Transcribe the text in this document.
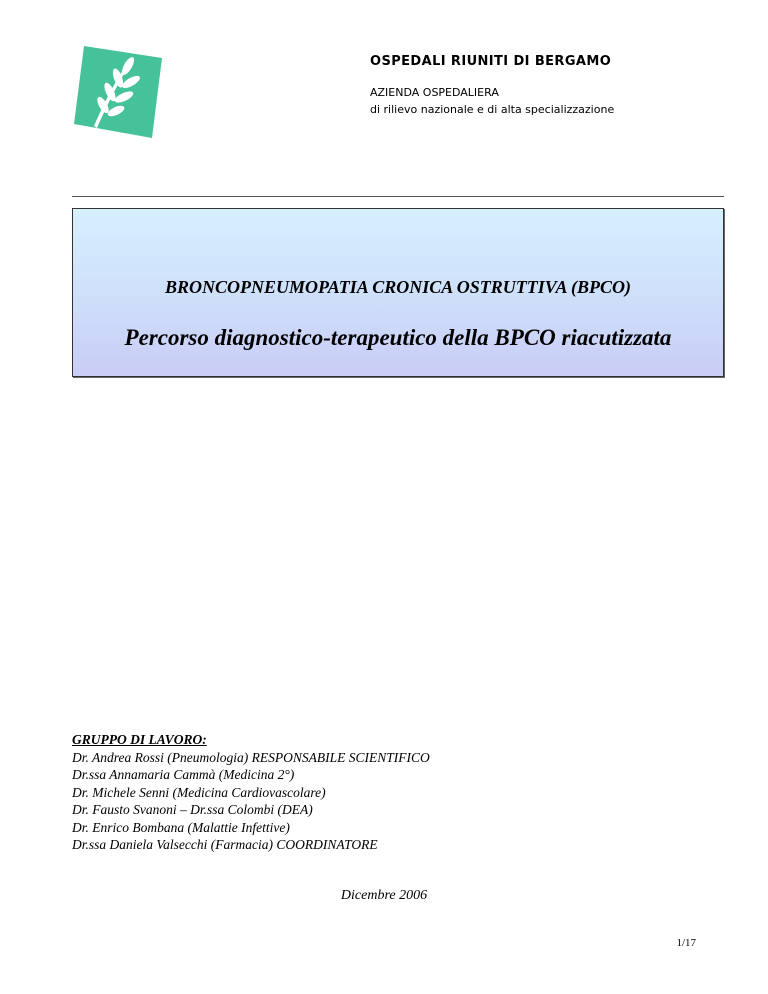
OSPEDALI RIUNITI DI BERGAMO
AZIENDA OSPEDALIERA
di rilievo nazionale e di alta specializzazione
BRONCOPNEUMOPATIA CRONICA OSTRUTTIVA (BPCO)
Percorso diagnostico-terapeutico della BPCO riacutizzata
GRUPPO DI LAVORO:
Dr. Andrea Rossi (Pneumologia) RESPONSABILE SCIENTIFICO
Dr.ssa Annamaria Cammà (Medicina 2°)
Dr. Michele Senni (Medicina Cardiovascolare)
Dr. Fausto Svanoni – Dr.ssa Colombi (DEA)
Dr. Enrico Bombana (Malattie Infettive)
Dr.ssa Daniela Valsecchi (Farmacia) COORDINATORE
Dicembre 2006
1/17
